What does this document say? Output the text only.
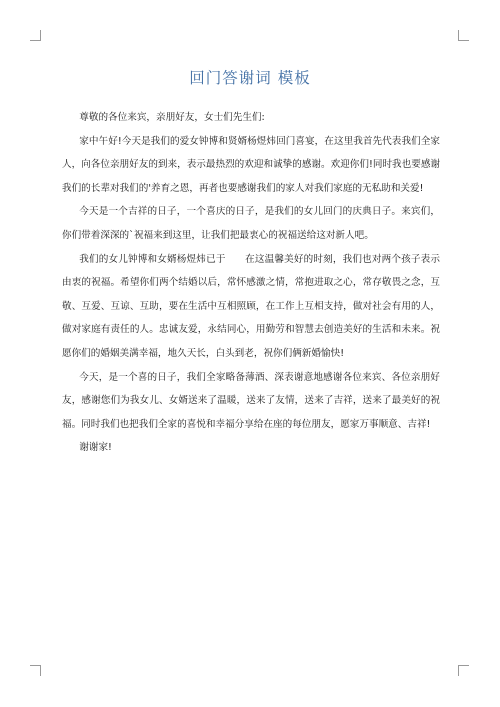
回门答谢词 模板

尊敬的各位来宾，亲朋好友，女士们先生们:

家中午好!今天是我们的爱女钟博和贤婿杨煜炜回门喜宴，在这里我首先代表我们全家人，向各位亲朋好友的到来，表示最热烈的欢迎和诚挚的感谢。欢迎你们!同时我也要感谢我们的长辈对我们的'养育之恩，再者也要感谢我们的家人对我们家庭的无私助和关爱!

今天是一个吉祥的日子，一个喜庆的日子，是我们的女儿回门的庆典日子。来宾们，你们带着深深的`祝福来到这里，让我们把最衷心的祝福送给这对新人吧。

我们的女儿钟博和女婿杨煜炜已于　　在这温馨美好的时刻，我们也对两个孩子表示由衷的祝福。希望你们两个结婚以后，常怀感激之情，常抱进取之心，常存敬畏之念，互敬、互爱、互谅、互助，要在生活中互相照顾，在工作上互相支持，做对社会有用的人，做对家庭有责任的人。忠诚友爱，永结同心，用勤劳和智慧去创造美好的生活和未来。祝愿你们的婚姻美满幸福，地久天长，白头到老，祝你们俩新婚愉快!

今天，是一个喜的日子，我们全家略备薄酒、深表谢意地感谢各位来宾、各位亲朋好友，感谢您们为我女儿、女婿送来了温暖，送来了友情，送来了吉祥，送来了最美好的祝福。同时我们也把我们全家的喜悦和幸福分享给在座的每位朋友，愿家万事顺意、吉祥!

谢谢家!
